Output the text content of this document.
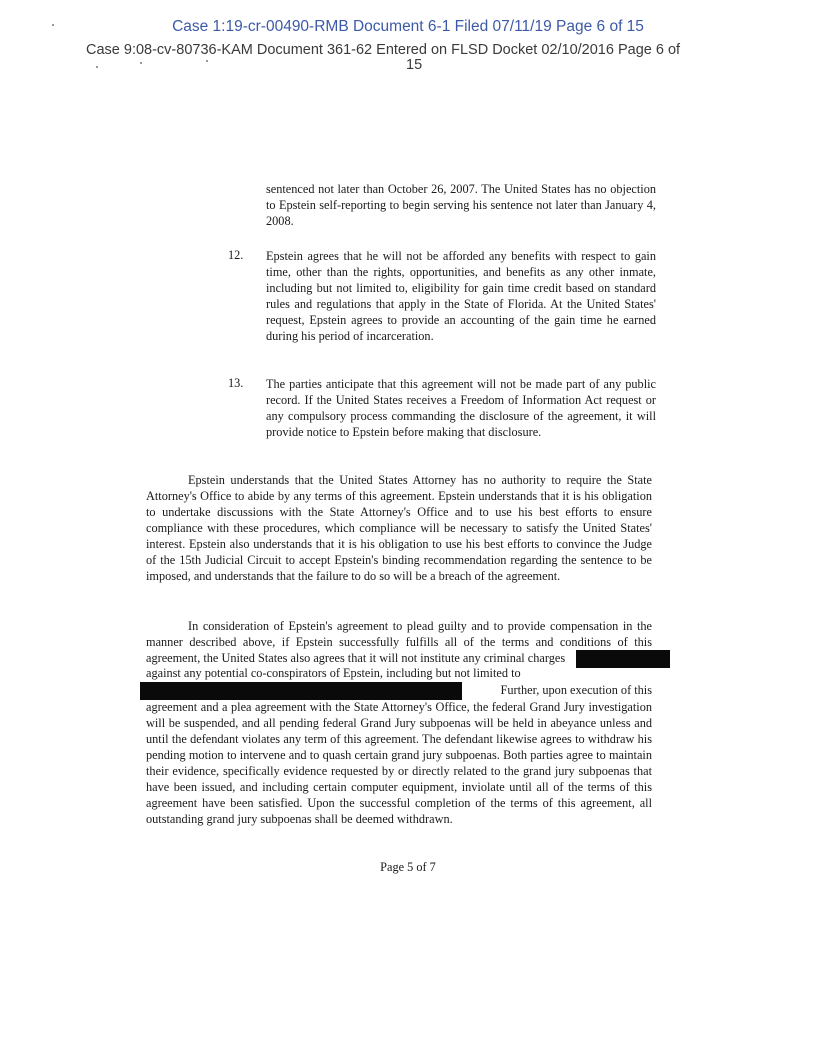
Case 1:19-cr-00490-RMB Document 6-1 Filed 07/11/19 Page 6 of 15
Case 9:08-cv-80736-KAM Document 361-62 Entered on FLSD Docket 02/10/2016 Page 6 of
15
sentenced not later than October 26, 2007. The United States has no objection to Epstein self-reporting to begin serving his sentence not later than January 4, 2008.
12. Epstein agrees that he will not be afforded any benefits with respect to gain time, other than the rights, opportunities, and benefits as any other inmate, including but not limited to, eligibility for gain time credit based on standard rules and regulations that apply in the State of Florida. At the United States' request, Epstein agrees to provide an accounting of the gain time he earned during his period of incarceration.
13. The parties anticipate that this agreement will not be made part of any public record. If the United States receives a Freedom of Information Act request or any compulsory process commanding the disclosure of the agreement, it will provide notice to Epstein before making that disclosure.
Epstein understands that the United States Attorney has no authority to require the State Attorney's Office to abide by any terms of this agreement. Epstein understands that it is his obligation to undertake discussions with the State Attorney's Office and to use his best efforts to ensure compliance with these procedures, which compliance will be necessary to satisfy the United States' interest. Epstein also understands that it is his obligation to use his best efforts to convince the Judge of the 15th Judicial Circuit to accept Epstein's binding recommendation regarding the sentence to be imposed, and understands that the failure to do so will be a breach of the agreement.
In consideration of Epstein's agreement to plead guilty and to provide compensation in the manner described above, if Epstein successfully fulfills all of the terms and conditions of this agreement, the United States also agrees that it will not institute any criminal charges
against any potential co-conspirators of Epstein, including but not limited to
Further, upon execution of this
agreement and a plea agreement with the State Attorney's Office, the federal Grand Jury investigation will be suspended, and all pending federal Grand Jury subpoenas will be held in abeyance unless and until the defendant violates any term of this agreement. The defendant likewise agrees to withdraw his pending motion to intervene and to quash certain grand jury subpoenas. Both parties agree to maintain their evidence, specifically evidence requested by or directly related to the grand jury subpoenas that have been issued, and including certain computer equipment, inviolate until all of the terms of this agreement have been satisfied. Upon the successful completion of the terms of this agreement, all outstanding grand jury subpoenas shall be deemed withdrawn.
Page 5 of 7
